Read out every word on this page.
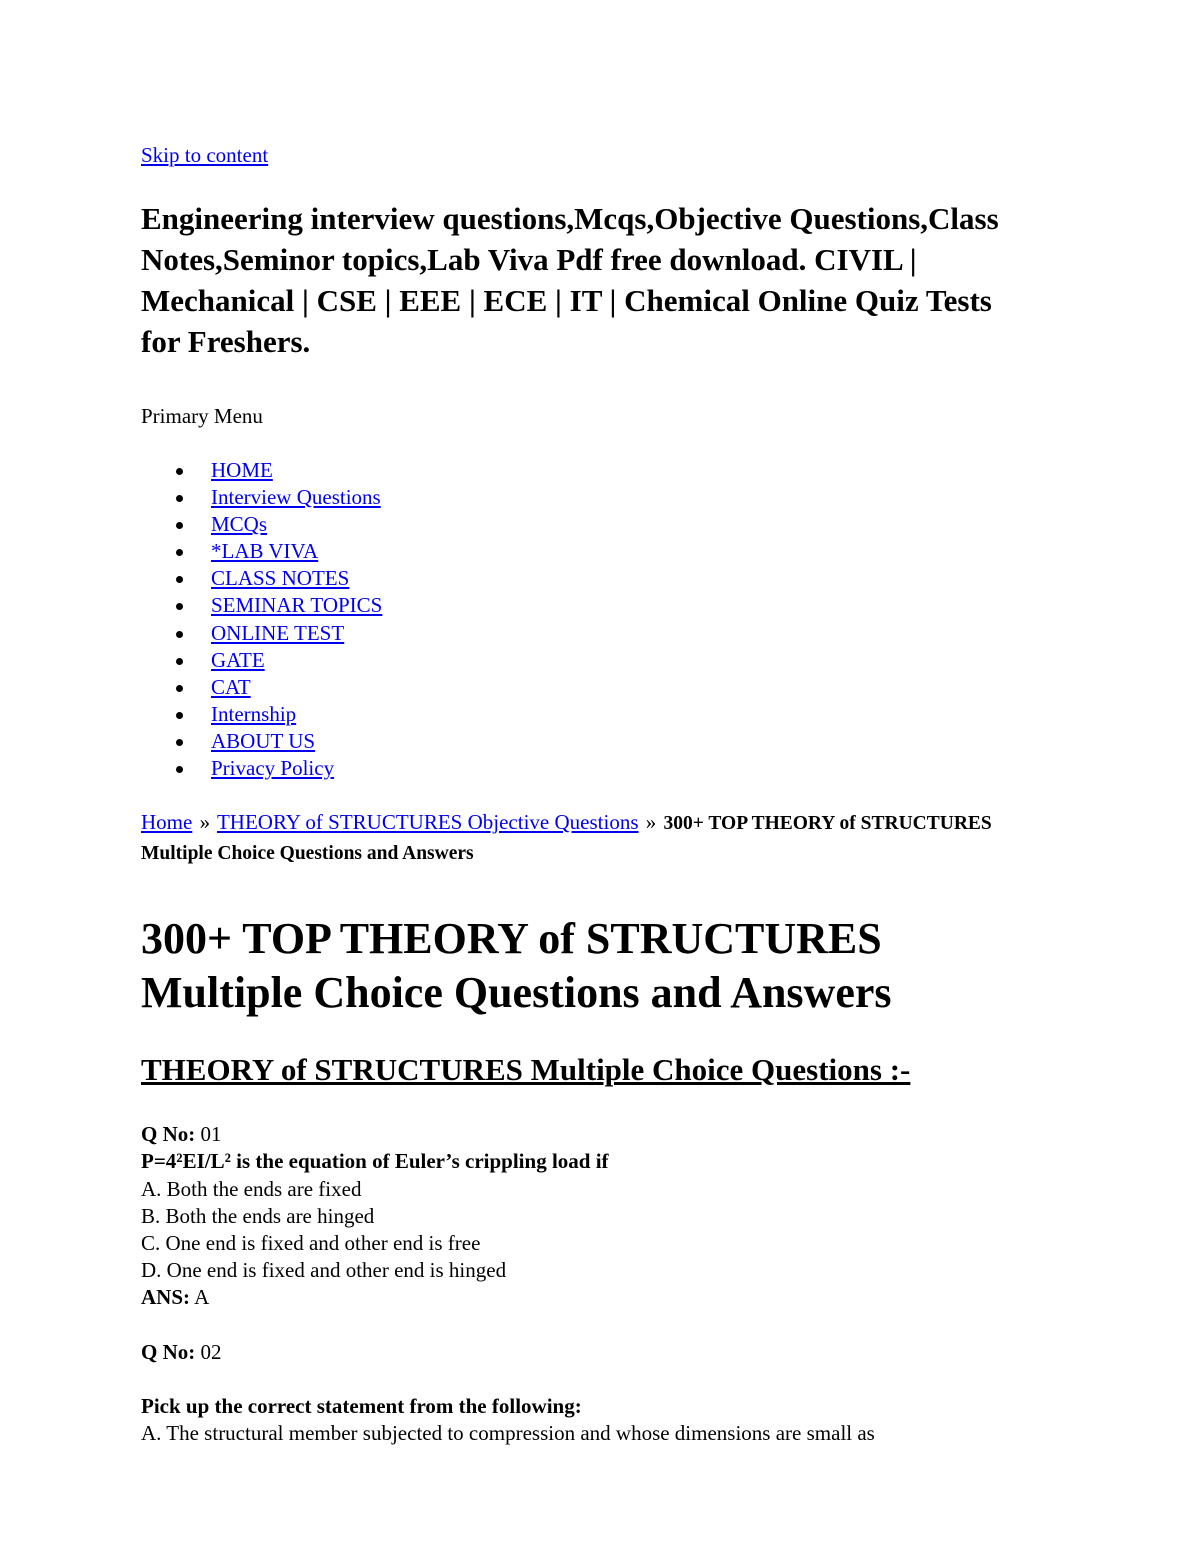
Skip to content
Engineering interview questions,Mcqs,Objective Questions,Class Notes,Seminor topics,Lab Viva Pdf free download. CIVIL | Mechanical | CSE | EEE | ECE | IT | Chemical Online Quiz Tests for Freshers.
Primary Menu
HOME
Interview Questions
MCQs
*LAB VIVA
CLASS NOTES
SEMINAR TOPICS
ONLINE TEST
GATE
CAT
Internship
ABOUT US
Privacy Policy
Home » THEORY of STRUCTURES Objective Questions » 300+ TOP THEORY of STRUCTURES Multiple Choice Questions and Answers
300+ TOP THEORY of STRUCTURES Multiple Choice Questions and Answers
THEORY of STRUCTURES Multiple Choice Questions :-
Q No: 01
P=4²EI/L² is the equation of Euler’s crippling load if
A. Both the ends are fixed
B. Both the ends are hinged
C. One end is fixed and other end is free
D. One end is fixed and other end is hinged
ANS: A
Q No: 02
Pick up the correct statement from the following:
A. The structural member subjected to compression and whose dimensions are small as
